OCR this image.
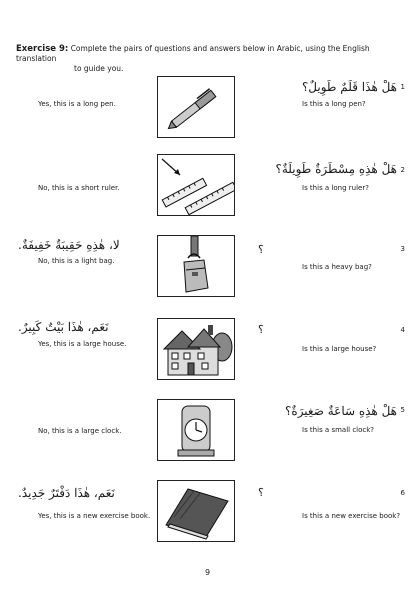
Exercise 9: Complete the pairs of questions and answers below in Arabic, using the English translation
to guide you.
Yes, this is a long pen.
هَلْ هٰذَا قَلَمٌ طَوِيلٌ؟ 1
Is this a long pen?
No, this is a short ruler.
هَلْ هٰذِهِ مِسْطَرَةٌ طَوِيلَةٌ؟ 2
Is this a long ruler?
لا، هٰذِهِ حَقِيبَةٌ خَفِيفَةٌ.
No, this is a light bag.
؟	3
Is this a heavy bag?
نَعَم، هٰذَا بَيْتٌ كَبِيرٌ.
Yes, this is a large house.
؟	4
Is this a large house?
No, this is a large clock.
هَلْ هٰذِهِ سَاعَةٌ صَغِيرَةٌ؟ 5
Is this a small clock?
نَعَم، هٰذَا دَفْتَرٌ جَدِيدٌ.
Yes, this is a new exercise book.
؟	6
Is this a new exercise book?
9
